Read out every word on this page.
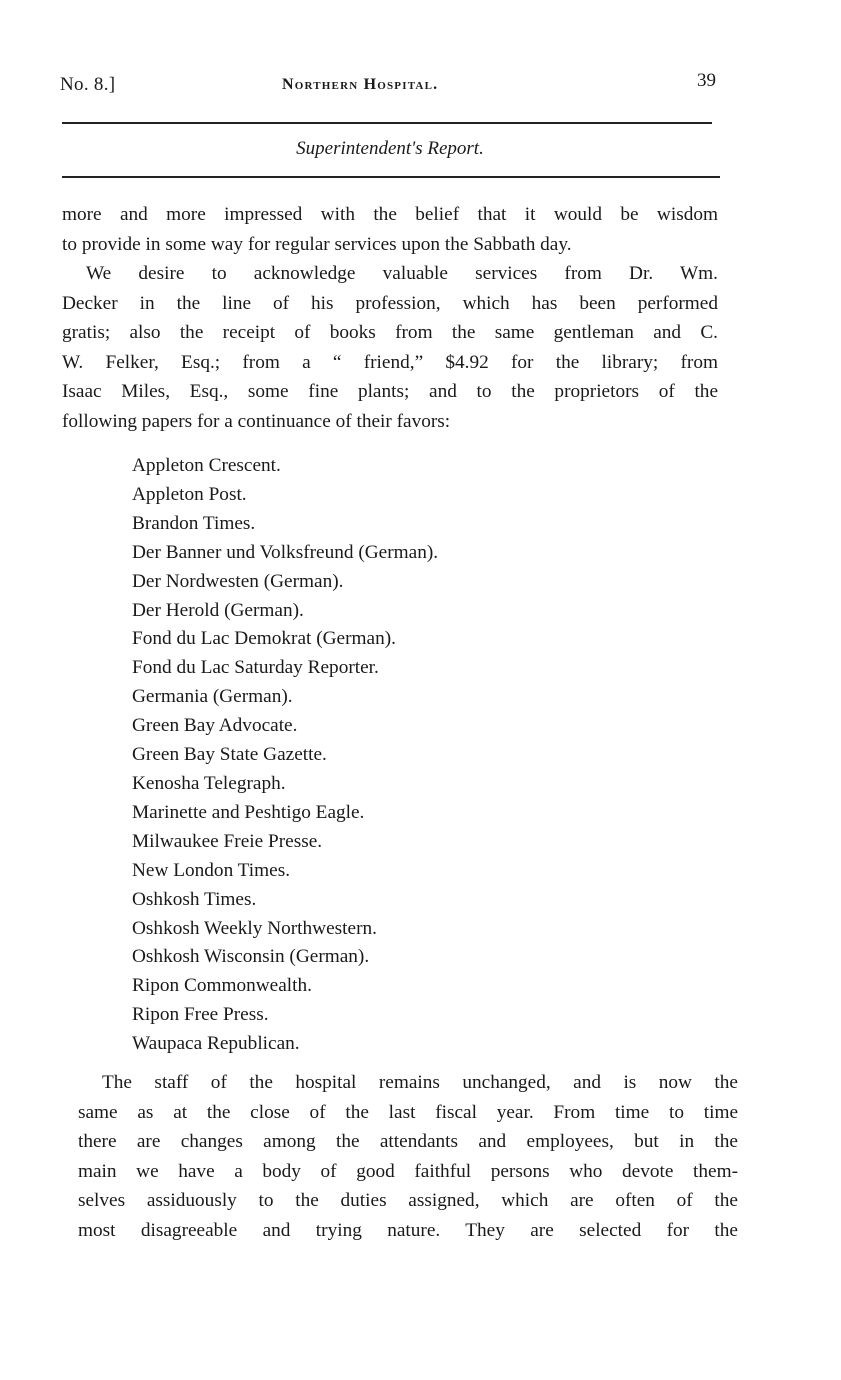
No. 8.]	Northern Hospital.	39
Superintendent's Report.
more and more impressed with the belief that it would be wisdom
to provide in some way for regular services upon the Sabbath day.
We desire to acknowledge valuable services from Dr. Wm.
Decker in the line of his profession, which has been performed
gratis; also the receipt of books from the same gentleman and C.
W. Felker, Esq.; from a “ friend,” $4.92 for the library; from
Isaac Miles, Esq., some fine plants; and to the proprietors of the
following papers for a continuance of their favors:
Appleton Crescent.
Appleton Post.
Brandon Times.
Der Banner und Volksfreund (German).
Der Nordwesten (German).
Der Herold (German).
Fond du Lac Demokrat (German).
Fond du Lac Saturday Reporter.
Germania (German).
Green Bay Advocate.
Green Bay State Gazette.
Kenosha Telegraph.
Marinette and Peshtigo Eagle.
Milwaukee Freie Presse.
New London Times.
Oshkosh Times.
Oshkosh Weekly Northwestern.
Oshkosh Wisconsin (German).
Ripon Commonwealth.
Ripon Free Press.
Waupaca Republican.
The staff of the hospital remains unchanged, and is now the
same as at the close of the last fiscal year. From time to time
there are changes among the attendants and employees, but in the
main we have a body of good faithful persons who devote them-
selves assiduously to the duties assigned, which are often of the
most disagreeable and trying nature. They are selected for the
